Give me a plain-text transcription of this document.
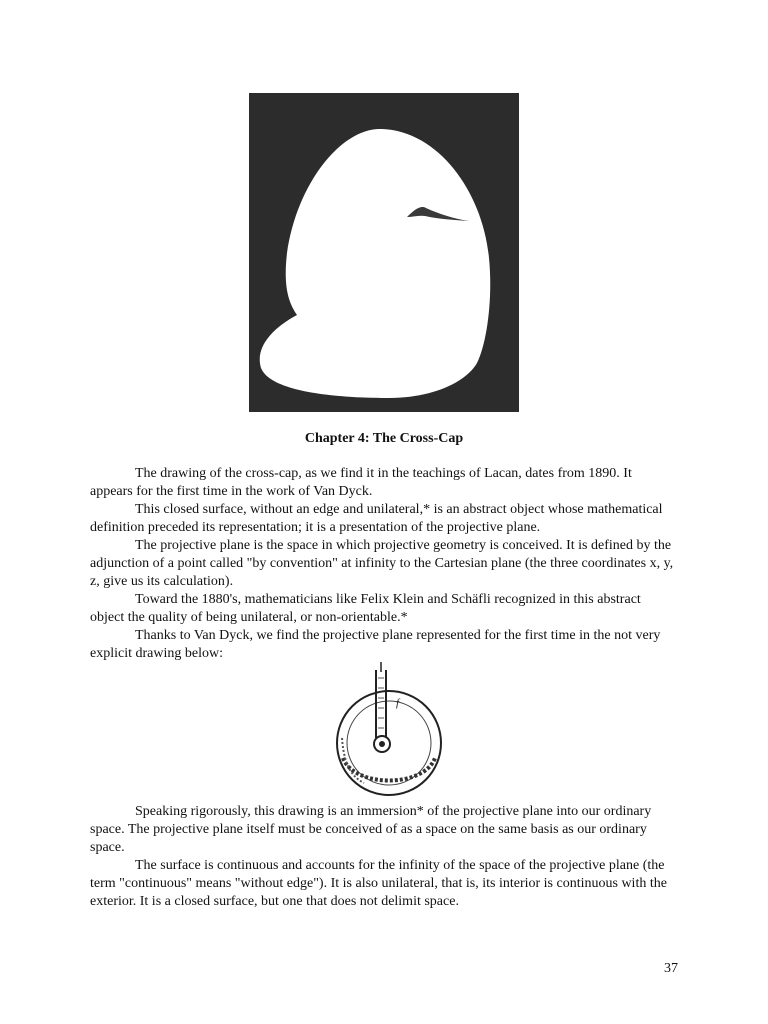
Chapter 4: The Cross-Cap

The drawing of the cross-cap, as we find it in the teachings of Lacan, dates from 1890. It appears for the first time in the work of Van Dyck.

This closed surface, without an edge and unilateral,* is an abstract object whose mathematical definition preceded its representation; it is a presentation of the projective plane.

The projective plane is the space in which projective geometry is conceived. It is defined by the adjunction of a point called "by convention" at infinity to the Cartesian plane (the three coordinates x, y, z, give us its calculation).

Toward the 1880's, mathematicians like Felix Klein and Schäfli recognized in this abstract object the quality of being unilateral, or non-orientable.*

Thanks to Van Dyck, we find the projective plane represented for the first time in the not very explicit drawing below:

f

Speaking rigorously, this drawing is an immersion* of the projective plane into our ordinary space. The projective plane itself must be conceived of as a space on the same basis as our ordinary space.

The surface is continuous and accounts for the infinity of the space of the projective plane (the term "continuous" means "without edge"). It is also unilateral, that is, its interior is continuous with the exterior. It is a closed surface, but one that does not delimit space.

37
